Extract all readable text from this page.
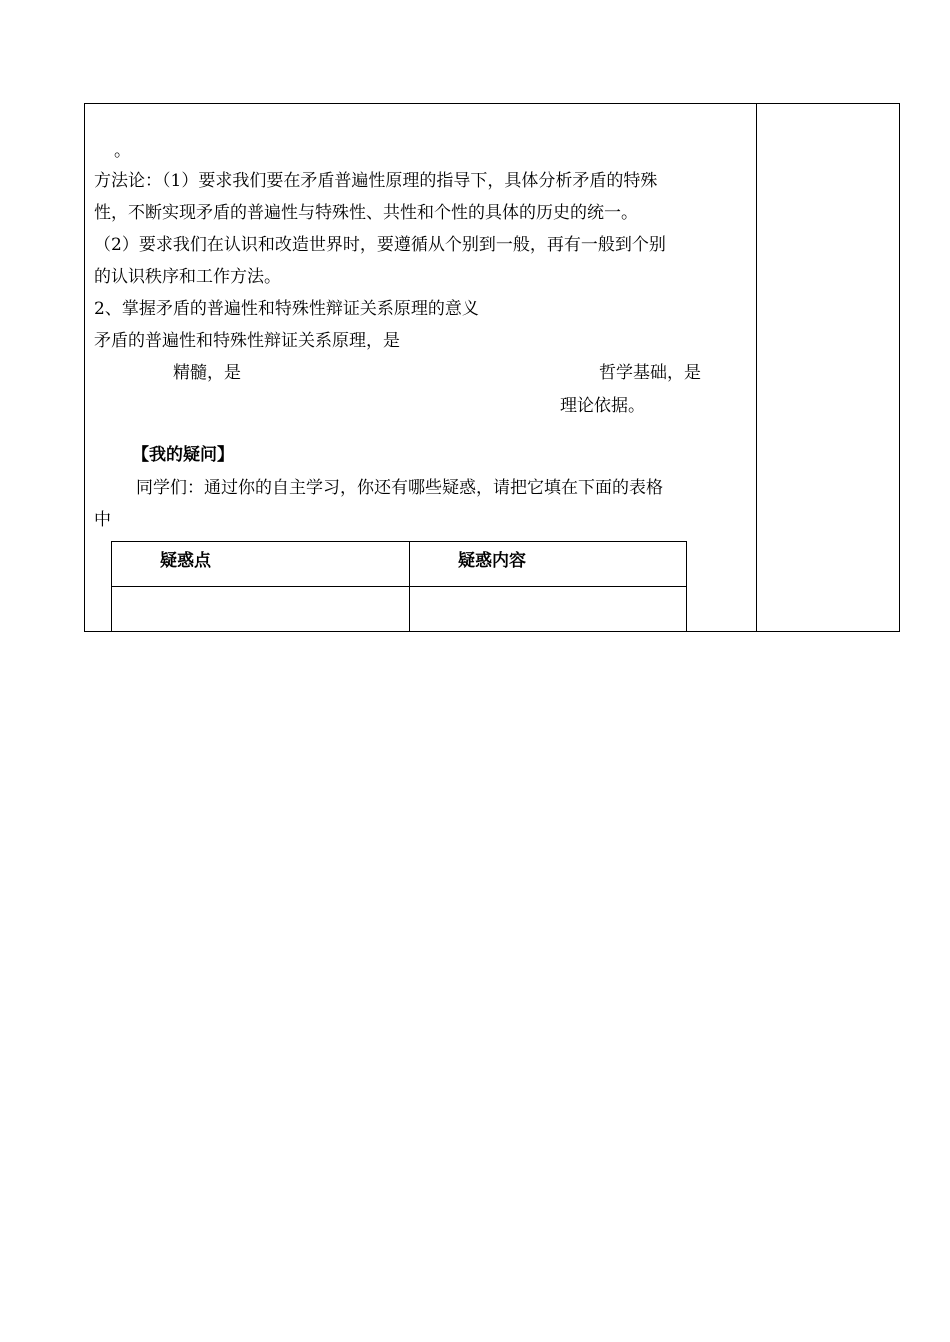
。
方法论：（1）要求我们要在矛盾普遍性原理的指导下，具体分析矛盾的特殊
性，不断实现矛盾的普遍性与特殊性、共性和个性的具体的历史的统一。
（2）要求我们在认识和改造世界时，要遵循从个别到一般，再有一般到个别
的认识秩序和工作方法。
2、掌握矛盾的普遍性和特殊性辩证关系原理的意义
矛盾的普遍性和特殊性辩证关系原理，是
精髓，是	哲学基础，是
理论依据。
【我的疑问】
同学们：通过你的自主学习，你还有哪些疑惑，请把它填在下面的表格
中
疑惑点	疑惑内容
